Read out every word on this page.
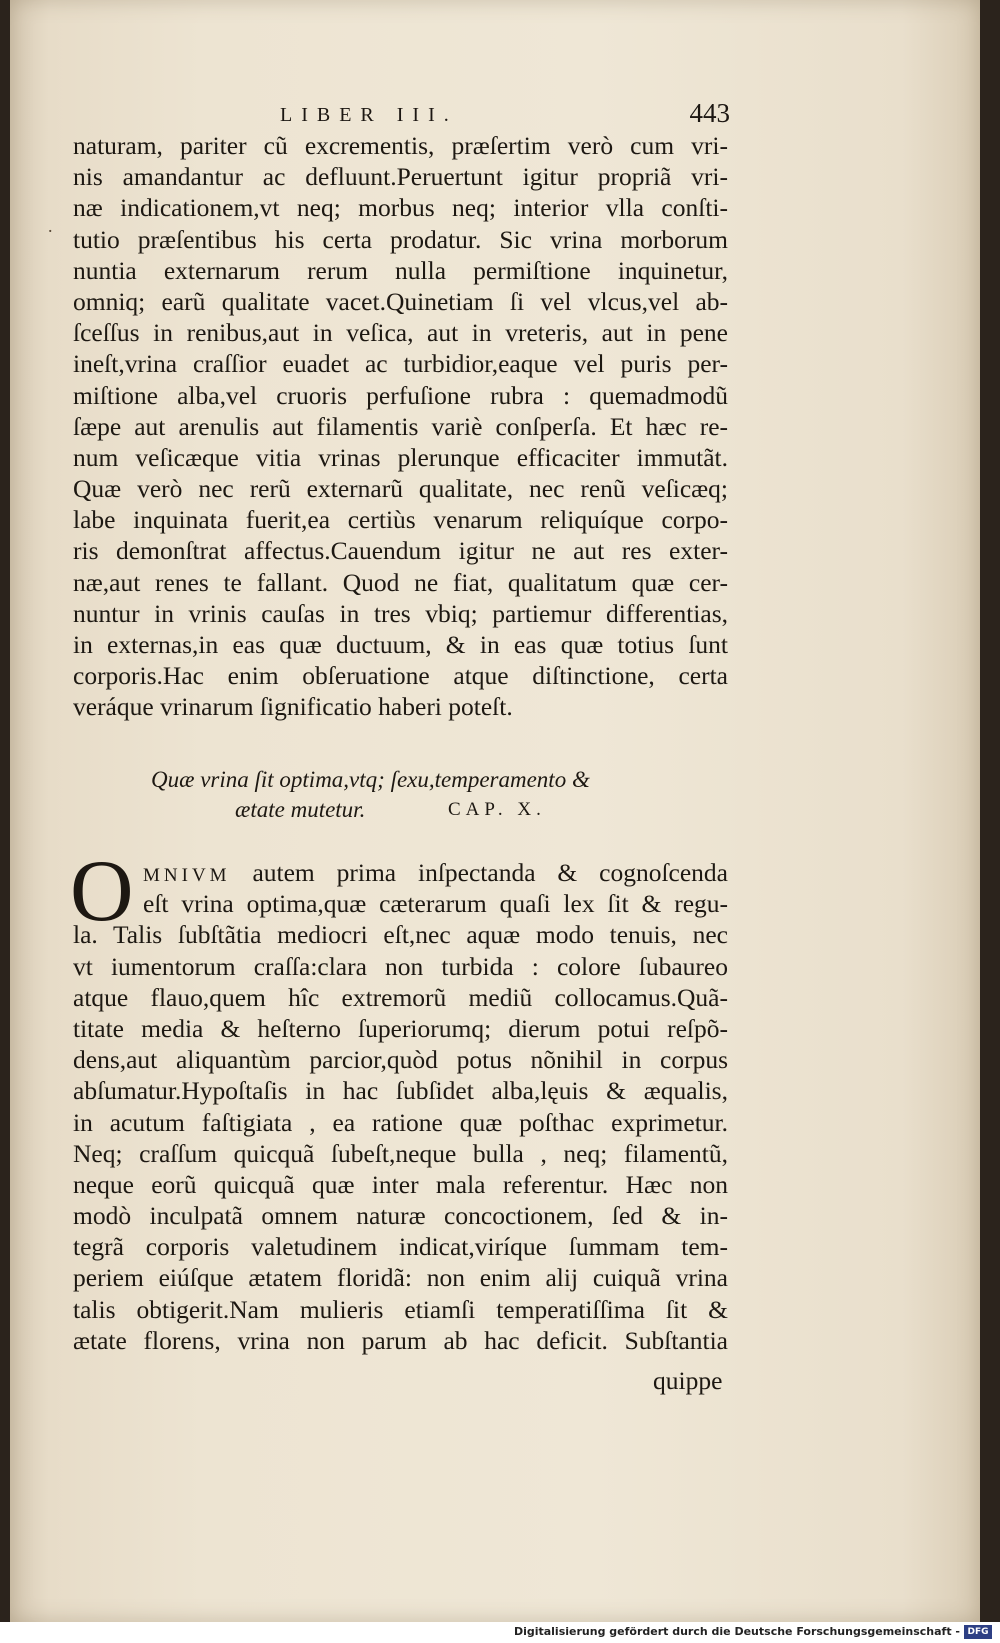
.
LIBER III.	443
naturam, pariter cũ excrementis, præſertim verò cum vri-
nis amandantur ac defluunt.Peruertunt igitur propriã vri-
næ indicationem,vt neq; morbus neq; interior vlla conſti-
tutio præſentibus his certa prodatur. Sic vrina morborum
nuntia externarum rerum nulla permiſtione inquinetur,
omniq; earũ qualitate vacet.Quinetiam ſi vel vlcus,vel ab-
ſceſſus in renibus,aut in veſica, aut in vreteris, aut in pene
ineſt,vrina craſſior euadet ac turbidior,eaque vel puris per-
miſtione alba,vel cruoris perfuſione rubra : quemadmodũ
ſæpe aut arenulis aut filamentis variè conſperſa. Et hæc re-
num veſicæque vitia vrinas plerunque efficaciter immutãt.
Quæ verò nec rerũ externarũ qualitate, nec renũ veſicæq;
labe inquinata fuerit,ea certiùs venarum reliquíque corpo-
ris demonſtrat affectus.Cauendum igitur ne aut res exter-
næ,aut renes te fallant. Quod ne fiat, qualitatum quæ cer-
nuntur in vrinis cauſas in tres vbiq; partiemur differentias,
in externas,in eas quæ ductuum, & in eas quæ totius ſunt
corporis.Hac enim obſeruatione atque diſtinctione, certa
veráque vrinarum ſignificatio haberi poteſt.
Quæ vrina ſit optima,vtq; ſexu,temperamento &
ætate mutetur.	CAP. X.
O MNIVM autem prima inſpectanda & cognoſcenda
eſt vrina optima,quæ cæterarum quaſi lex ſit & regu-
la. Talis ſubſtãtia mediocri eſt,nec aquæ modo tenuis, nec
vt iumentorum craſſa:clara non turbida : colore ſubaureo
atque flauo,quem hîc extremorũ mediũ collocamus.Quã-
titate media & heſterno ſuperiorumq; dierum potui reſpõ-
dens,aut aliquantùm parcior,quòd potus nõnihil in corpus
abſumatur.Hypoſtaſis in hac ſubſidet alba,lęuis & æqualis,
in acutum faſtigiata , ea ratione quæ poſthac exprimetur.
Neq; craſſum quicquã ſubeſt,neque bulla , neq; filamentũ,
neque eorũ quicquã quæ inter mala referentur. Hæc non
modò inculpatã omnem naturæ concoctionem, ſed & in-
tegrã corporis valetudinem indicat,viríque ſummam tem-
periem eiúſque ætatem floridã: non enim alij cuiquã vrina
talis obtigerit.Nam mulieris etiamſi temperatiſſima ſit &
ætate florens, vrina non parum ab hac deficit. Subſtantia
quippe
Digitalisierung gefördert durch die Deutsche Forschungsgemeinschaft - DFG
